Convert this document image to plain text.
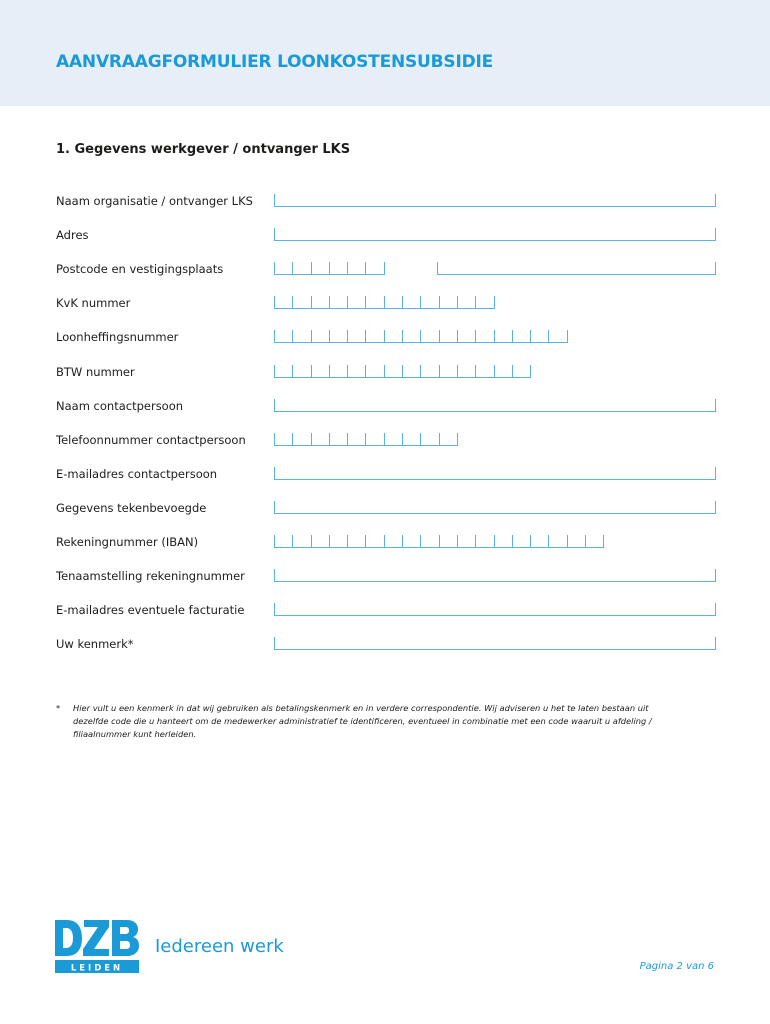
AANVRAAGFORMULIER LOONKOSTENSUBSIDIE
1. Gegevens werkgever / ontvanger LKS
Naam organisatie / ontvanger LKS
Adres
Postcode en vestigingsplaats
KvK nummer
Loonheffingsnummer
BTW nummer
Naam contactpersoon
Telefoonnummer contactpersoon
E-mailadres contactpersoon
Gegevens tekenbevoegde
Rekeningnummer (IBAN)
Tenaamstelling rekeningnummer
E-mailadres eventuele facturatie
Uw kenmerk*
* Hier vult u een kenmerk in dat wij gebruiken als betalingskenmerk en in verdere correspondentie. Wij adviseren u het te laten bestaan uit dezelfde code die u hanteert om de medewerker administratief te identificeren, eventueel in combinatie met een code waaruit u afdeling / filiaalnummer kunt herleiden.
LEIDEN
Iedereen werk
Pagina 2 van 6
